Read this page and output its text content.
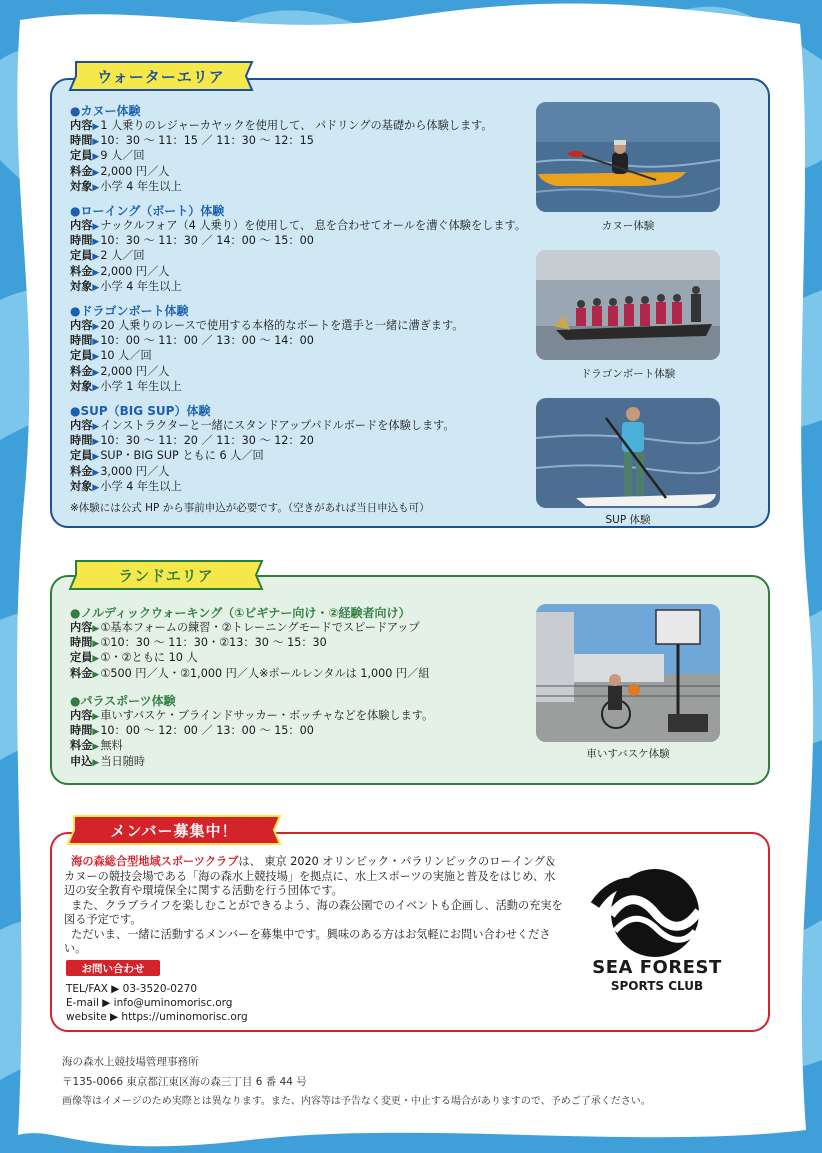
ウォーターエリア
●カヌー体験
内容 ▶ 1 人乗りのレジャーカヤックを使用して、 パドリングの基礎から体験します。
時間 ▶ 10：30 〜 11：15 ／ 11：30 〜 12：15
定員 ▶ 9 人／回
料金 ▶ 2,000 円／人
対象 ▶ 小学 4 年生以上
●ローイング（ボート）体験
内容 ▶ ナックルフォア（4 人乗り）を使用して、 息を合わせてオールを漕ぐ体験をします。
時間 ▶ 10：30 〜 11：30 ／ 14：00 〜 15：00
定員 ▶ 2 人／回
料金 ▶ 2,000 円／人
対象 ▶ 小学 4 年生以上
●ドラゴンボート体験
内容 ▶ 20 人乗りのレースで使用する本格的なボートを選手と一緒に漕ぎます。
時間 ▶ 10：00 〜 11：00 ／ 13：00 〜 14：00
定員 ▶ 10 人／回
料金 ▶ 2,000 円／人
対象 ▶ 小学 1 年生以上
●SUP（BIG SUP）体験
内容 ▶ インストラクターと一緒にスタンドアップパドルボードを体験します。
時間 ▶ 10：30 〜 11：20 ／ 11：30 〜 12：20
定員 ▶ SUP・BIG SUP ともに 6 人／回
料金 ▶ 3,000 円／人
対象 ▶ 小学 4 年生以上
※体験には公式 HP から事前申込が必要です。（空きがあれば当日申込も可）
カヌー体験
ドラゴンボート体験
SUP 体験
ランドエリア
●ノルディックウォーキング（①ビギナー向け・②経験者向け）
内容 ▶ ①基本フォームの練習・②トレーニングモードでスピードアップ
時間 ▶ ①10：30 〜 11：30・②13：30 〜 15：30
定員 ▶ ①・②ともに 10 人
料金 ▶ ①500 円／人・②1,000 円／人※ポールレンタルは 1,000 円／組
●パラスポーツ体験
内容 ▶ 車いすバスケ・ブラインドサッカー・ボッチャなどを体験します。
時間 ▶ 10：00 〜 12：00 ／ 13：00 〜 15：00
料金 ▶ 無料
申込 ▶ 当日随時
車いすバスケ体験
メンバー募集中！

海の森総合型地域スポーツクラブは、 東京 2020 オリンピック・パラリンピックのローイング＆カヌーの競技会場である「海の森水上競技場」を拠点に、水上スポーツの実施と普及をはじめ、水辺の安全教育や環境保全に関する活動を行う団体です。

また、クラブライフを楽しむことができるよう、海の森公園でのイベントも企画し、活動の充実を図る予定です。

ただいま、一緒に活動するメンバーを募集中です。興味のある方はお気軽にお問い合わせください。

お問い合わせ
TEL/FAX ▶ 03-3520-0270
E-mail ▶ info@uminomorisc.org
website ▶ https://uminomorisc.org
SEA FOREST
SPORTS CLUB
海の森水上競技場管理事務所
〒135-0066 東京都江東区海の森三丁目 6 番 44 号
画像等はイメージのため実際とは異なります。また、内容等は予告なく変更・中止する場合がありますので、予めご了承ください。
